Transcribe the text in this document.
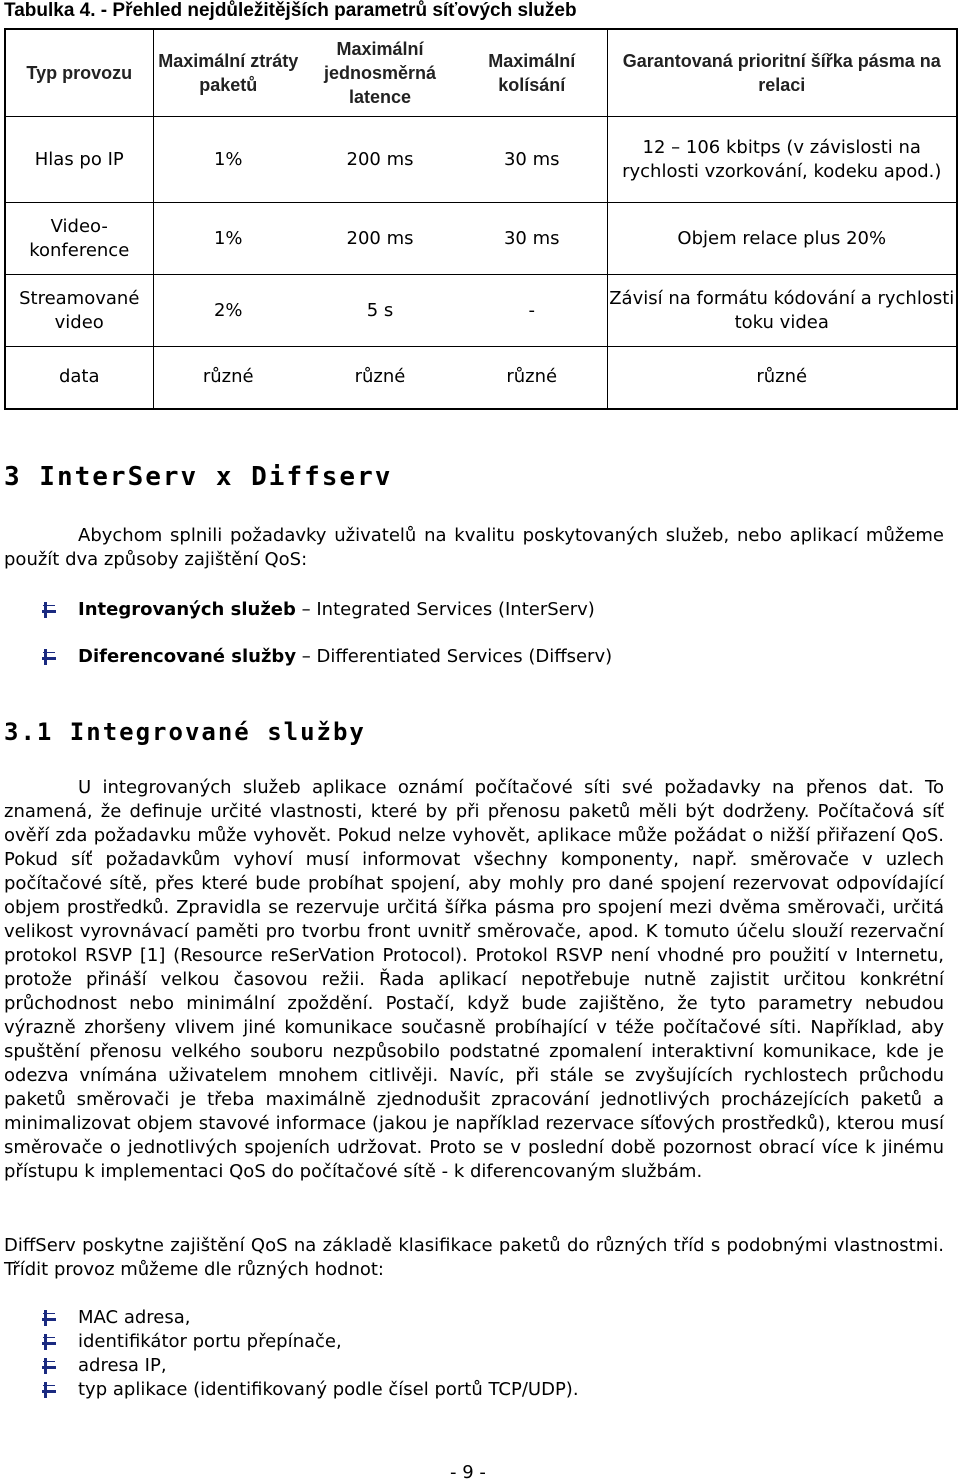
Tabulka 4. - Přehled nejdůležitějších parametrů síťových služeb
Typ provozu	Maximální ztráty paketů	Maximální jednosměrná latence	Maximální kolísání	Garantovaná prioritní šířka pásma na relaci
Hlas po IP	1%	200 ms	30 ms	12 – 106 kbitps (v závislosti na rychlosti vzorkování, kodeku apod.)
Video-konference	1%	200 ms	30 ms	Objem relace plus 20%
Streamované video	2%	5 s	-	Závisí na formátu kódování a rychlosti toku videa
data	různé	různé	různé	různé
3 InterServ x Diffserv

Abychom splnili požadavky uživatelů na kvalitu poskytovaných služeb, nebo aplikací můžeme použít dva způsoby zajištění QoS:

Integrovaných služeb – Integrated Services (InterServ)
Diferencované služby – Differentiated Services (Diffserv)
3.1 Integrované služby

U integrovaných služeb aplikace oznámí počítačové síti své požadavky na přenos dat. To znamená, že definuje určité vlastnosti, které by při přenosu paketů měli být dodrženy. Počítačová síť ověří zda požadavku může vyhovět. Pokud nelze vyhovět, aplikace může požádat o nižší přiřazení QoS. Pokud síť požadavkům vyhoví musí informovat všechny komponenty, např. směrovače v uzlech počítačové sítě, přes které bude probíhat spojení, aby mohly pro dané spojení rezervovat odpovídající objem prostředků. Zpravidla se rezervuje určitá šířka pásma pro spojení mezi dvěma směrovači, určitá velikost vyrovnávací paměti pro tvorbu front uvnitř směrovače, apod. K tomuto účelu slouží rezervační protokol RSVP [1] (Resource reSerVation Protocol). Protokol RSVP není vhodné pro použití v Internetu, protože přináší velkou časovou režii. Řada aplikací nepotřebuje nutně zajistit určitou konkrétní průchodnost nebo minimální zpoždění. Postačí, když bude zajištěno, že tyto parametry nebudou výrazně zhoršeny vlivem jiné komunikace současně probíhající v téže počítačové síti. Například, aby spuštění přenosu velkého souboru nezpůsobilo podstatné zpomalení interaktivní komunikace, kde je odezva vnímána uživatelem mnohem citlivěji. Navíc, při stále se zvyšujících rychlostech průchodu paketů směrovači je třeba maximálně zjednodušit zpracování jednotlivých procházejících paketů a minimalizovat objem stavové informace (jakou je například rezervace síťových prostředků), kterou musí směrovače o jednotlivých spojeních udržovat. Proto se v poslední době pozornost obrací více k jinému přístupu k implementaci QoS do počítačové sítě - k diferencovaným službám.

DiffServ poskytne zajištění QoS na základě klasifikace paketů do různých tříd s podobnými vlastnostmi. Třídit provoz můžeme dle různých hodnot:

MAC adresa,
identifikátor portu přepínače,
adresa IP,
typ aplikace (identifikovaný podle čísel portů TCP/UDP).
- 9 -
